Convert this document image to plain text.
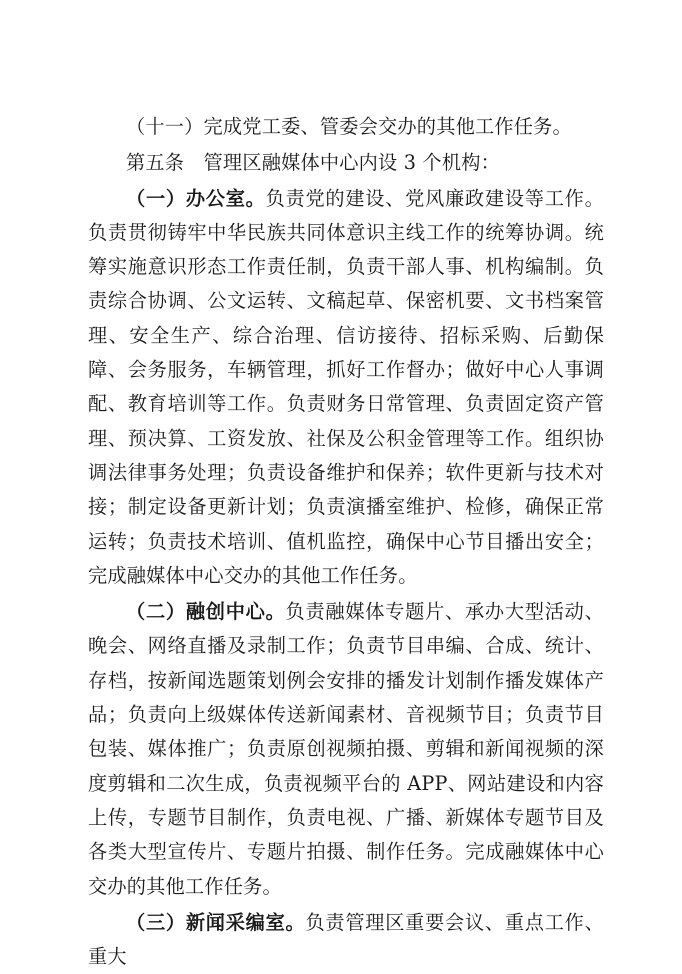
（十一）完成党工委、管委会交办的其他工作任务。

第五条　管理区融媒体中心内设 3 个机构：

（一）办公室。负责党的建设、党风廉政建设等工作。负责贯彻铸牢中华民族共同体意识主线工作的统筹协调。统筹实施意识形态工作责任制，负责干部人事、机构编制。负责综合协调、公文运转、文稿起草、保密机要、文书档案管理、安全生产、综合治理、信访接待、招标采购、后勤保障、会务服务，车辆管理，抓好工作督办；做好中心人事调配、教育培训等工作。负责财务日常管理、负责固定资产管理、预决算、工资发放、社保及公积金管理等工作。组织协调法律事务处理；负责设备维护和保养；软件更新与技术对接；制定设备更新计划；负责演播室维护、检修，确保正常运转；负责技术培训、值机监控，确保中心节目播出安全；完成融媒体中心交办的其他工作任务。

（二）融创中心。负责融媒体专题片、承办大型活动、晚会、网络直播及录制工作；负责节目串编、合成、统计、存档，按新闻选题策划例会安排的播发计划制作播发媒体产品；负责向上级媒体传送新闻素材、音视频节目；负责节目包装、媒体推广；负责原创视频拍摄、剪辑和新闻视频的深度剪辑和二次生成，负责视频平台的 APP、网站建设和内容上传，专题节目制作，负责电视、广播、新媒体专题节目及各类大型宣传片、专题片拍摄、制作任务。完成融媒体中心交办的其他工作任务。

（三）新闻采编室。负责管理区重要会议、重点工作、重大
